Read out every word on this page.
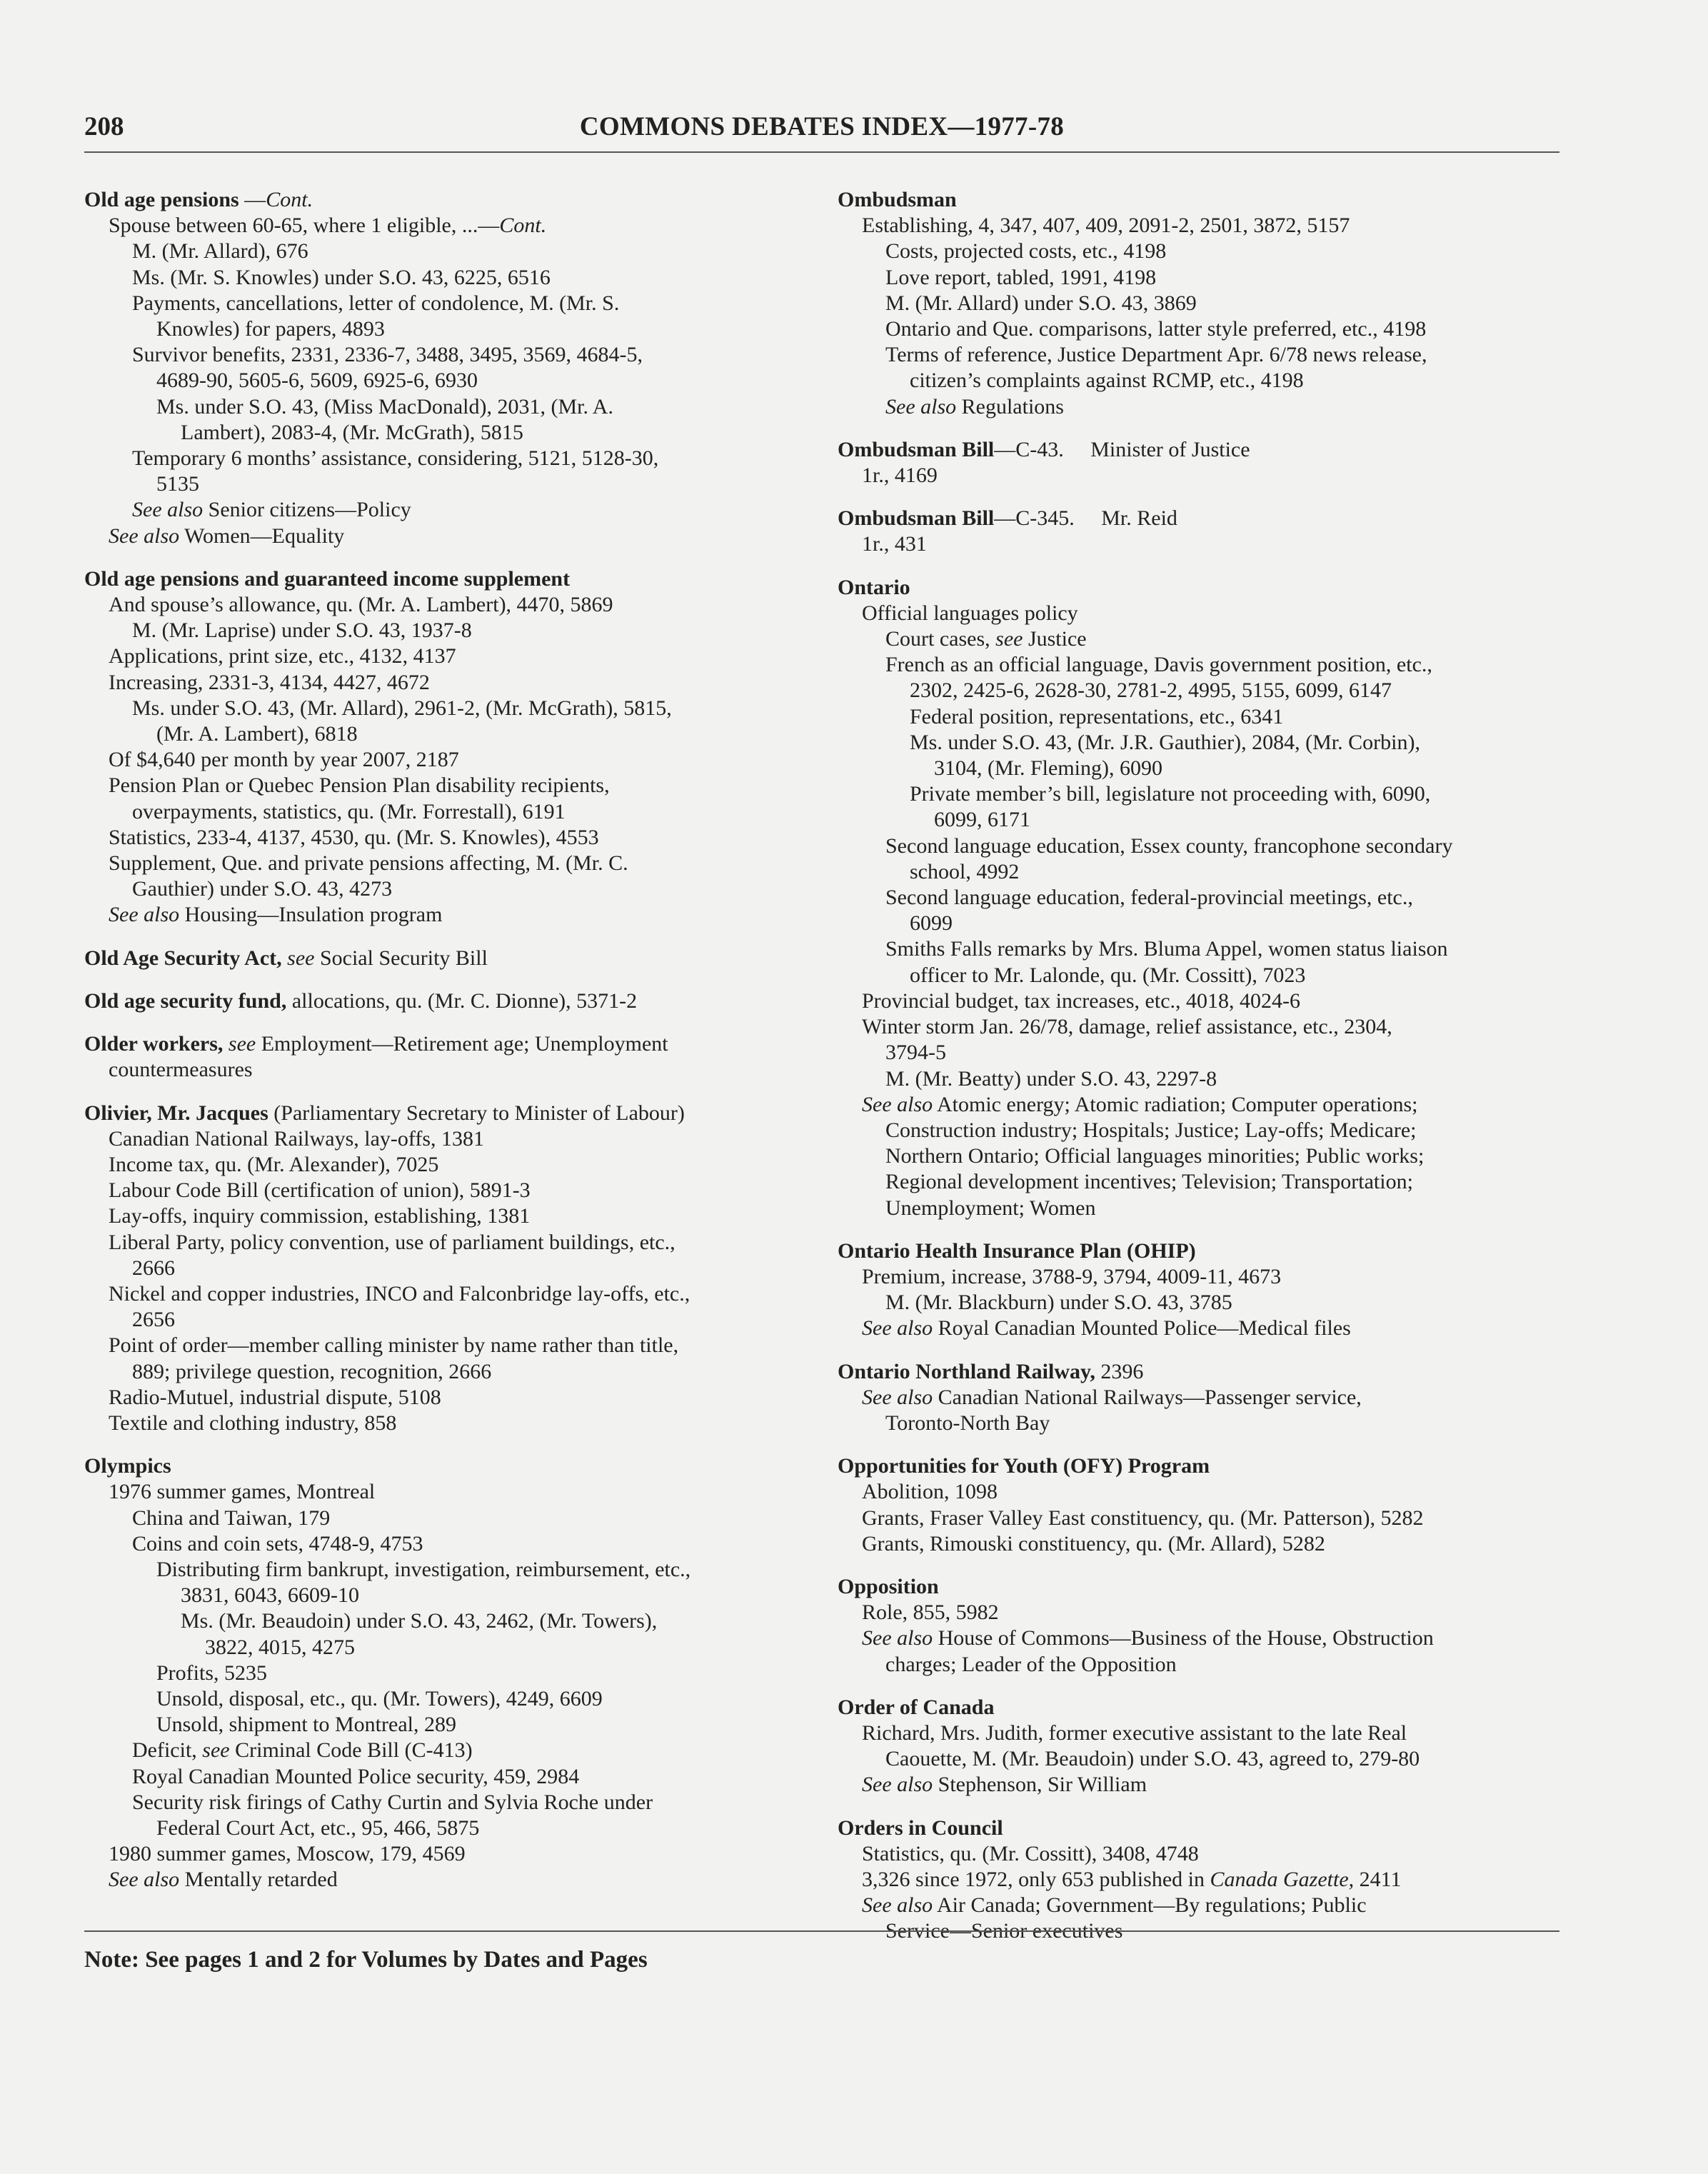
COMMONS DEBATES INDEX—1977-78
208
Old age pensions —Cont.
Spouse between 60-65, where 1 eligible, ...—Cont.
M. (Mr. Allard), 676
Ms. (Mr. S. Knowles) under S.O. 43, 6225, 6516
Payments, cancellations, letter of condolence, M. (Mr. S.
Knowles) for papers, 4893
Survivor benefits, 2331, 2336-7, 3488, 3495, 3569, 4684-5,
4689-90, 5605-6, 5609, 6925-6, 6930
Ms. under S.O. 43, (Miss MacDonald), 2031, (Mr. A.
Lambert), 2083-4, (Mr. McGrath), 5815
Temporary 6 months’ assistance, considering, 5121, 5128-30,
5135
See also Senior citizens—Policy
See also Women—Equality
Old age pensions and guaranteed income supplement
And spouse’s allowance, qu. (Mr. A. Lambert), 4470, 5869
M. (Mr. Laprise) under S.O. 43, 1937-8
Applications, print size, etc., 4132, 4137
Increasing, 2331-3, 4134, 4427, 4672
Ms. under S.O. 43, (Mr. Allard), 2961-2, (Mr. McGrath), 5815,
(Mr. A. Lambert), 6818
Of $4,640 per month by year 2007, 2187
Pension Plan or Quebec Pension Plan disability recipients,
overpayments, statistics, qu. (Mr. Forrestall), 6191
Statistics, 233-4, 4137, 4530, qu. (Mr. S. Knowles), 4553
Supplement, Que. and private pensions affecting, M. (Mr. C.
Gauthier) under S.O. 43, 4273
See also Housing—Insulation program
Old Age Security Act, see Social Security Bill
Old age security fund, allocations, qu. (Mr. C. Dionne), 5371-2
Older workers, see Employment—Retirement age; Unemployment
countermeasures
Olivier, Mr. Jacques (Parliamentary Secretary to Minister of Labour)
Canadian National Railways, lay-offs, 1381
Income tax, qu. (Mr. Alexander), 7025
Labour Code Bill (certification of union), 5891-3
Lay-offs, inquiry commission, establishing, 1381
Liberal Party, policy convention, use of parliament buildings, etc.,
2666
Nickel and copper industries, INCO and Falconbridge lay-offs, etc.,
2656
Point of order—member calling minister by name rather than title,
889; privilege question, recognition, 2666
Radio-Mutuel, industrial dispute, 5108
Textile and clothing industry, 858
Olympics
1976 summer games, Montreal
China and Taiwan, 179
Coins and coin sets, 4748-9, 4753
Distributing firm bankrupt, investigation, reimbursement, etc.,
3831, 6043, 6609-10
Ms. (Mr. Beaudoin) under S.O. 43, 2462, (Mr. Towers),
3822, 4015, 4275
Profits, 5235
Unsold, disposal, etc., qu. (Mr. Towers), 4249, 6609
Unsold, shipment to Montreal, 289
Deficit, see Criminal Code Bill (C-413)
Royal Canadian Mounted Police security, 459, 2984
Security risk firings of Cathy Curtin and Sylvia Roche under
Federal Court Act, etc., 95, 466, 5875
1980 summer games, Moscow, 179, 4569
See also Mentally retarded
Ombudsman
Establishing, 4, 347, 407, 409, 2091-2, 2501, 3872, 5157
Costs, projected costs, etc., 4198
Love report, tabled, 1991, 4198
M. (Mr. Allard) under S.O. 43, 3869
Ontario and Que. comparisons, latter style preferred, etc., 4198
Terms of reference, Justice Department Apr. 6/78 news release,
citizen’s complaints against RCMP, etc., 4198
See also Regulations
Ombudsman Bill—C-43.  Minister of Justice
1r., 4169
Ombudsman Bill—C-345.  Mr. Reid
1r., 431
Ontario
Official languages policy
Court cases, see Justice
French as an official language, Davis government position, etc.,
2302, 2425-6, 2628-30, 2781-2, 4995, 5155, 6099, 6147
Federal position, representations, etc., 6341
Ms. under S.O. 43, (Mr. J.R. Gauthier), 2084, (Mr. Corbin),
3104, (Mr. Fleming), 6090
Private member’s bill, legislature not proceeding with, 6090,
6099, 6171
Second language education, Essex county, francophone secondary
school, 4992
Second language education, federal-provincial meetings, etc.,
6099
Smiths Falls remarks by Mrs. Bluma Appel, women status liaison
officer to Mr. Lalonde, qu. (Mr. Cossitt), 7023
Provincial budget, tax increases, etc., 4018, 4024-6
Winter storm Jan. 26/78, damage, relief assistance, etc., 2304,
3794-5
M. (Mr. Beatty) under S.O. 43, 2297-8
See also Atomic energy; Atomic radiation; Computer operations;
Construction industry; Hospitals; Justice; Lay-offs; Medicare;
Northern Ontario; Official languages minorities; Public works;
Regional development incentives; Television; Transportation;
Unemployment; Women
Ontario Health Insurance Plan (OHIP)
Premium, increase, 3788-9, 3794, 4009-11, 4673
M. (Mr. Blackburn) under S.O. 43, 3785
See also Royal Canadian Mounted Police—Medical files
Ontario Northland Railway, 2396
See also Canadian National Railways—Passenger service,
Toronto-North Bay
Opportunities for Youth (OFY) Program
Abolition, 1098
Grants, Fraser Valley East constituency, qu. (Mr. Patterson), 5282
Grants, Rimouski constituency, qu. (Mr. Allard), 5282
Opposition
Role, 855, 5982
See also House of Commons—Business of the House, Obstruction
charges; Leader of the Opposition
Order of Canada
Richard, Mrs. Judith, former executive assistant to the late Real
Caouette, M. (Mr. Beaudoin) under S.O. 43, agreed to, 279-80
See also Stephenson, Sir William
Orders in Council
Statistics, qu. (Mr. Cossitt), 3408, 4748
3,326 since 1972, only 653 published in Canada Gazette, 2411
See also Air Canada; Government—By regulations; Public
Service—Senior executives
Note: See pages 1 and 2 for Volumes by Dates and Pages
